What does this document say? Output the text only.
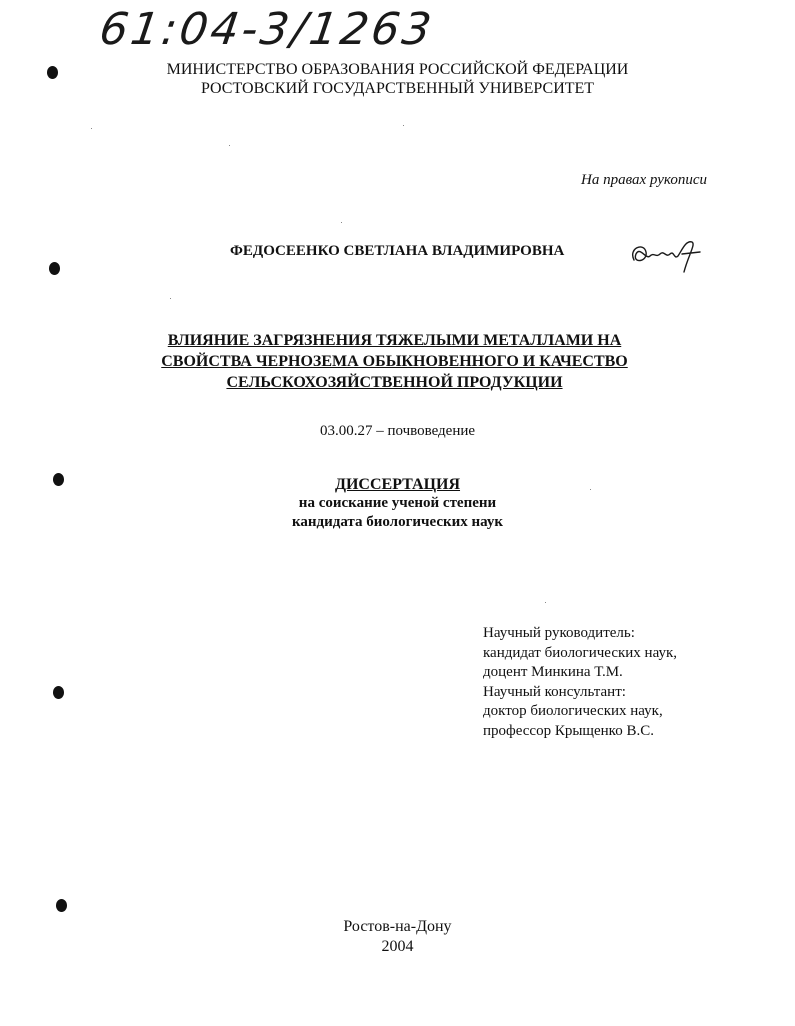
61:04-3/1263
МИНИСТЕРСТВО ОБРАЗОВАНИЯ РОССИЙСКОЙ ФЕДЕРАЦИИ
РОСТОВСКИЙ ГОСУДАРСТВЕННЫЙ УНИВЕРСИТЕТ
На правах рукописи
ФЕДОСЕЕНКО СВЕТЛАНА ВЛАДИМИРОВНА
ВЛИЯНИЕ ЗАГРЯЗНЕНИЯ ТЯЖЕЛЫМИ МЕТАЛЛАМИ НА
СВОЙСТВА ЧЕРНОЗЕМА ОБЫКНОВЕННОГО И КАЧЕСТВО
СЕЛЬСКОХОЗЯЙСТВЕННОЙ ПРОДУКЦИИ
03.00.27 – почвоведение
ДИССЕРТАЦИЯ
на соискание ученой степени
кандидата биологических наук
Научный руководитель:
кандидат биологических наук,
доцент Минкина Т.М.
Научный консультант:
доктор биологических наук,
профессор Крыщенко В.С.
Ростов-на-Дону
2004
